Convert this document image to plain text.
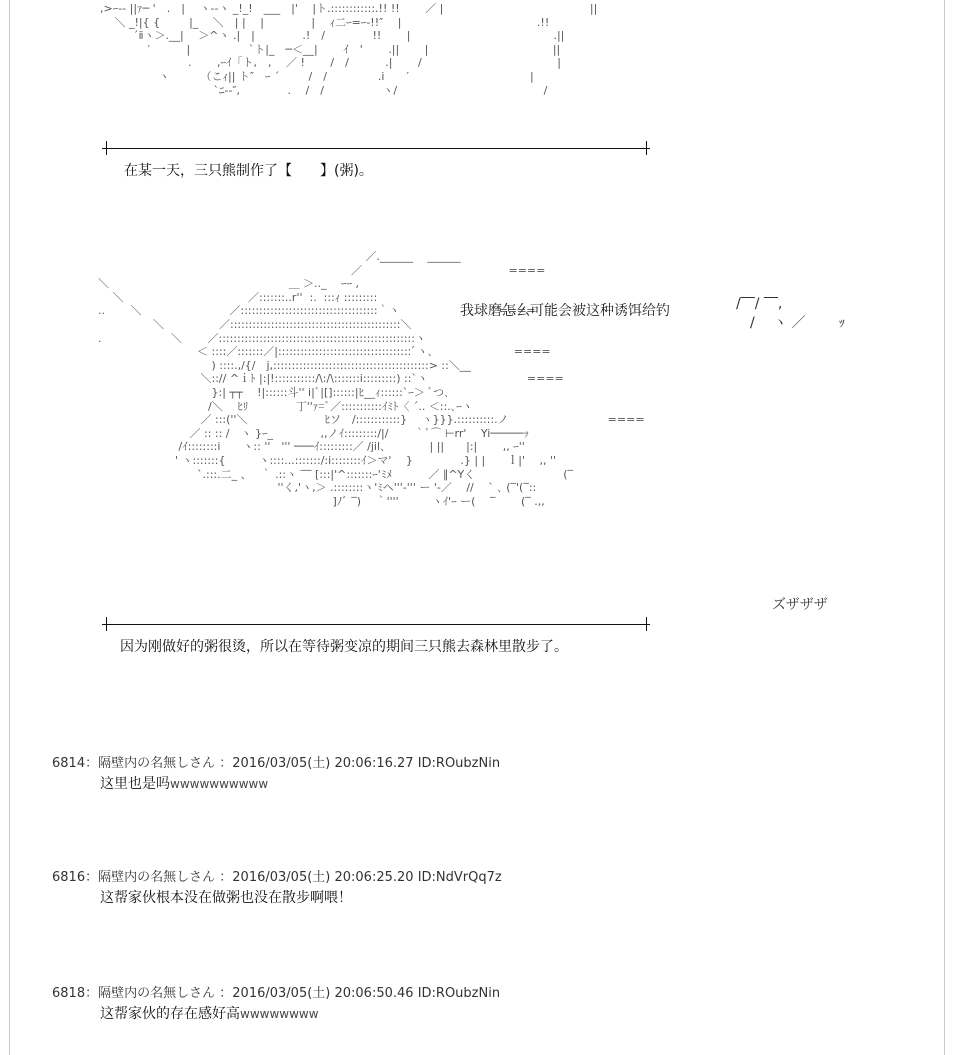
,>ｰ-‐ ||ｧ─ '　.　| 　ヽ-‐ヽ _!_!　___　|' 　|ト.::::::::::::.!! !!　　 ／ |　　　　　　　　　　　　　 ||
　 ＼ _!|{ {　 　 |_　 ＼　| | 　|　　　　 |　 ｨ二ｰ=ｰ‐!!″　 |　　　　　　　　　　　　 .!!
　　　´ⅱヽ＞.__|　 ＞^ヽ .|　|　　　　 .!　/　　　　 !!　　 |　　　　　　　　　　　　　.||
　　　　 ′　　　 |　　　　　 `ト|_　─＜__|　　 ｲ　'　　 .||　 　|　　　　　　　　　　　 ||
　　　　　　　　.　　 ,ｰｲ「ト,　,　 ／ !　　 /　/　　　 .|　　 /　　　　　　　　　　　　 |
　　　　　 ヽ　　 　（こｨ|| ト″　ｰ ´ 　　 /　/　 　　　 .i　　′　　　　　　　　　　　|
　　　　　　　　　　 `ﾆ-‐″,　 　　　.　 /　/　　　　　 ヽ/　　　　　　　　　　　　　 /
在某一天，三只熊制作了【　　】(粥)。
　　　　　　　　　　　　　　　　　　　　　　　　 ／.______　 ______
　　　　　　　　　　　　　　　　　　　　　　　／　　　　　　　　　　　　　 ====
＼　　　　　　　　　　　　　　 　　＿ ＞.._　 ｰｰ ,
　 ＼　　　　　　　　　　　 ／:::::::..r''  :.  :::ｨ :::::::::
..　　 ＼　　　　　　　　／:::::::::::::::::::::::::::::::::::::｀ヽ　　　　　　　　　====
　　　　　＼　　　　　／::::::::::::::::::::::::::::::::::::::::::::::＼
.　　　　　　 ＼　　 ／:::::::::::::::::::::::::::::::::::::::::::::::::::::ヽ
　　　　　　　　　＜ ::::／:::::::／|::::::::::::::::::::::::::::::::::::ﾞヽ､ 　　　　　　　====
　　　　　　　　　　 ) ::::.,/{/　j,::::::::::::::::::::::::::::::::::::::::::> ::＼__
　　　　　　　　　 ＼::// ^ｉﾄ |:|!:::::::::::/\:/\:::::::i:::::::::) ::`ヽ　　　　　　　　　====
　　　　　　　　　　 }:| ┬┬　 !|::::::斗'' i|ﾞ|[]::::::|ﾋ__ｨ::::::`ｰ＞ ﾞつ､
　　　　　　　　　　/＼　 ﾋﾘ　　　　 丁''ｧ=ﾞ／:::::::::::ｲﾐﾄ〈 ´.. ＜::.､ｰヽ
　　　　　　　　　 ／ :::(''＼　　　　　　　ﾋソ　/::::::::::::}　 ヽ}}}.::::::::::.ノ　　　　　　　　　====
　　　　　　　　 ／ :: :: /　ヽ }ｰ_　　　　 ,,ノｲ:::::::::/|/　　 ｀ﾞ⌒ ⊢rr'　 Yi─────ｯ
　　　　　　　 /ｲ::::::::i　　ヽ:: ''　''' ───ｲ:::::::::／ /jil、　　　　| ||　　|:|　　 ,, ｰ''
　　　　　　　' ヽ:::::::{　　　ヽ::::...:::::::/:i::::::::ｲ＞マ'　 }　　　　 .} | |　　ｌ|'　 ,, ''
　　　　　　　　　`.:::.二_ 、　 ｀ .::ヽ ‾‾ [:::|'^:::::::ｰ'ﾐﾒ　　　 ／ ∥^Yく　　　　　　　　(‾
　　　　　　　　　　　　　　　　 ''く,'ヽ,＞ .::::::::ヽ'ﾐヘ'''-''' ー '-／　 //　 ` ､ (‾'(‾::
　　　　　　　　　　　　　　　　　　　　　 ]ﾉﾞ ‾)　 ｀''''　　　ヽｲ'ｰ ー(　 ‾ 　　(‾ .,,
我球磨怎么可能会被这种诱饵给钓	/‾‾/ ‾‾,
　/　 ヽ ／　　 ｯ
ズザザザ
因为刚做好的粥很烫，所以在等待粥变凉的期间三只熊去森林里散步了。
6814：隔壁内の名無しさん ：2016/03/05(土) 20:06:16.27 ID:ROubzNin
这里也是吗wwwwwwwwww
6816：隔壁内の名無しさん ：2016/03/05(土) 20:06:25.20 ID:NdVrQq7z
这帮家伙根本没在做粥也没在散步啊喂！
6818：隔壁内の名無しさん ：2016/03/05(土) 20:06:50.46 ID:ROubzNin
这帮家伙的存在感好高wwwwwwww
